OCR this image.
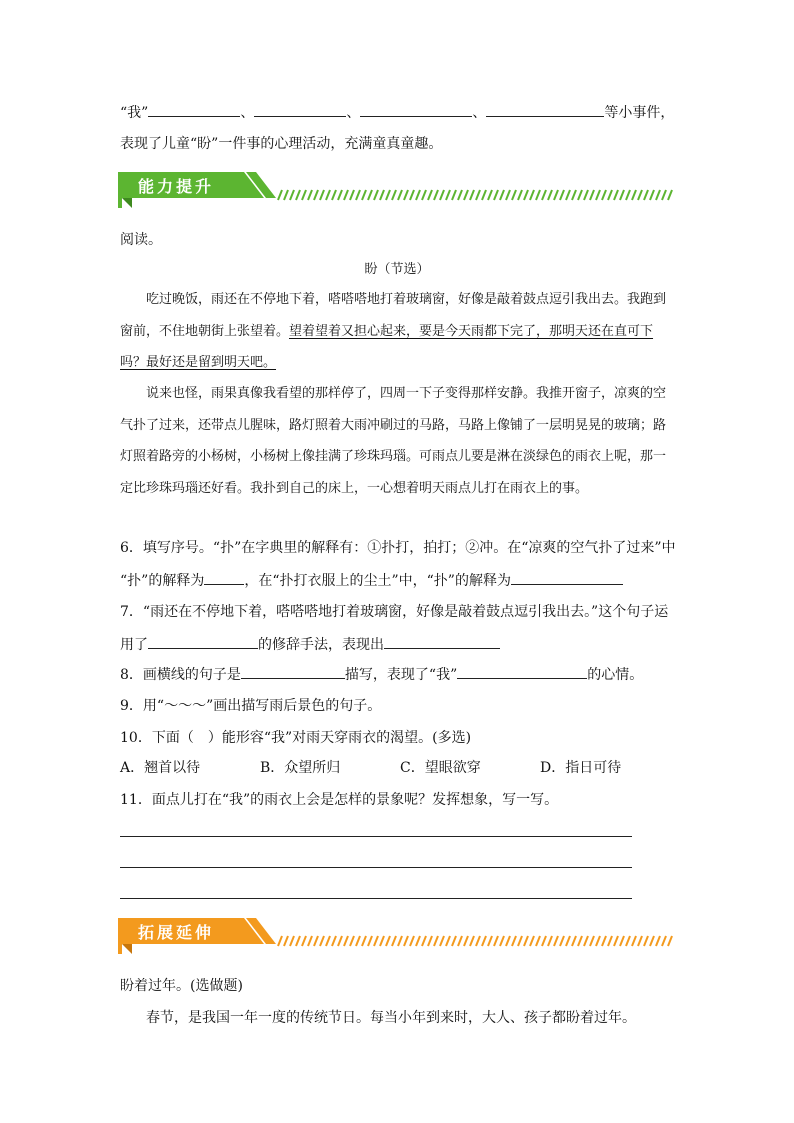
“我”	、	、	、	等小事件，
表现了儿童“盼”一件事的心理活动，充满童真童趣。
能力提升
阅读。
盼（节选）
吃过晚饭，雨还在不停地下着，嗒嗒嗒地打着玻璃窗，好像是敲着鼓点逗引我出去。我跑到窗前，不住地朝街上张望着。望着望着又担心起来，要是今天雨都下完了，那明天还在直可下吗？最好还是留到明天吧。
说来也怪，雨果真像我看望的那样停了，四周一下子变得那样安静。我推开窗子，凉爽的空气扑了过来，还带点儿腥味，路灯照着大雨冲刷过的马路，马路上像铺了一层明晃晃的玻璃；路灯照着路旁的小杨树，小杨树上像挂满了珍珠玛瑙。可雨点儿要是淋在淡绿色的雨衣上呢，那一定比珍珠玛瑙还好看。我扑到自己的床上，一心想着明天雨点儿打在雨衣上的事。
6．填写序号。“扑”在字典里的解释有：①扑打，拍打；②冲。在“凉爽的空气扑了过来”中
“扑”的解释为	，在“扑打衣服上的尘土”中，“扑”的解释为
7．“雨还在不停地下着，嗒嗒嗒地打着玻璃窗，好像是敲着鼓点逗引我出去。”这个句子运
用了	的修辞手法，表现出
8．画横线的句子是	描写，表现了“我”	的心情。
9．用“～～～”画出描写雨后景色的句子。
10．下面（　）能形容“我”对雨天穿雨衣的渴望。(多选)
A．翘首以待	B．众望所归	C．望眼欲穿	D．指日可待
11．面点儿打在“我”的雨衣上会是怎样的景象呢？发挥想象，写一写。
拓展延伸
盼着过年。(选做题)
春节，是我国一年一度的传统节日。每当小年到来时，大人、孩子都盼着过年。
